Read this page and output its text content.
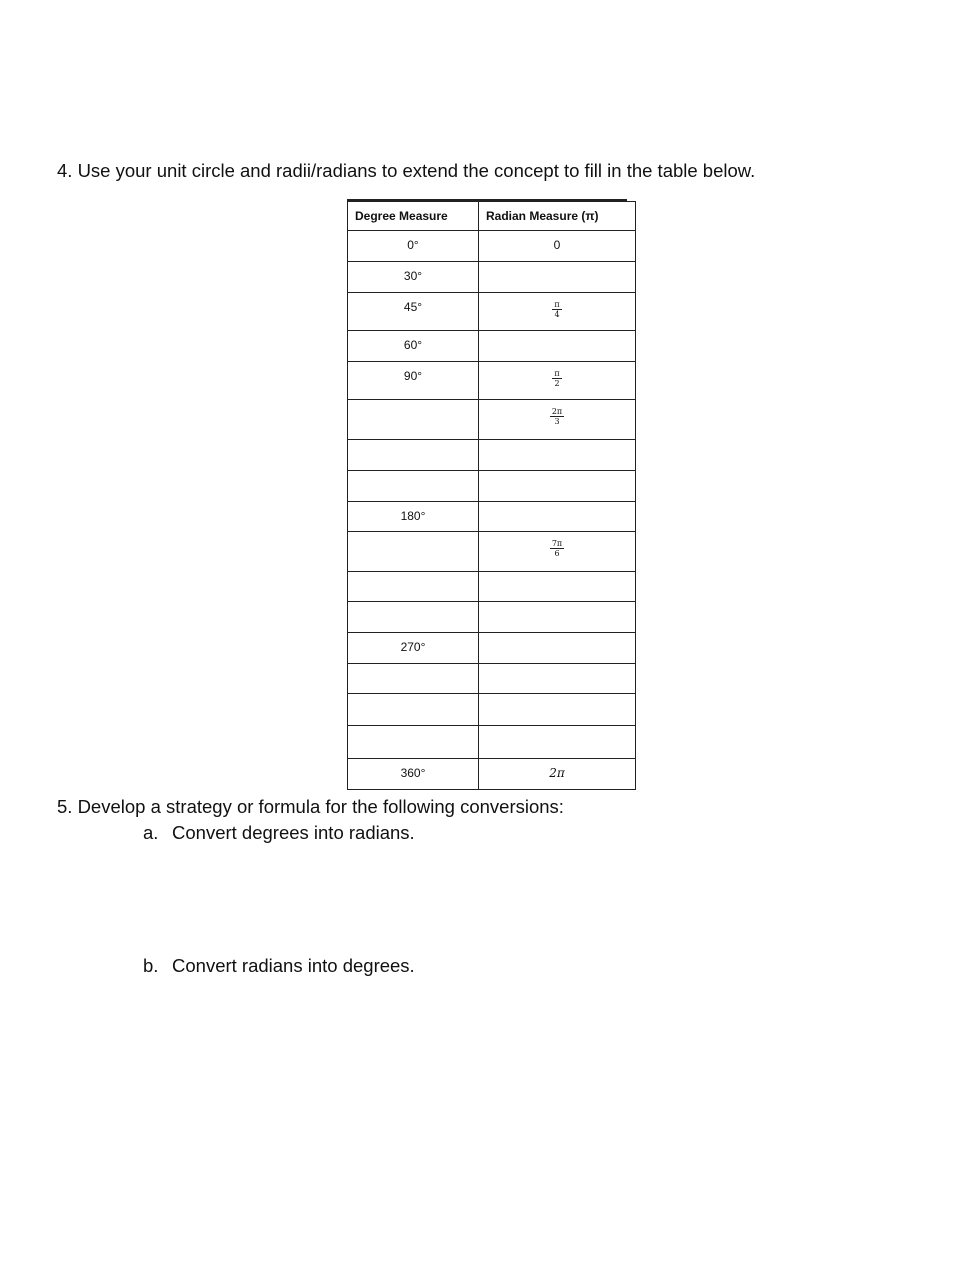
4. Use your unit circle and radii/radians to extend the concept to fill in the table below.
Degree Measure	Radian Measure (π)

0°	0

30°	

45°	$\frac{\pi}{4}$

60°	

90°	$\frac{\pi}{2}$

	$\frac{2\pi}{3}$

180°	

	$\frac{7\pi}{6}$

270°	

360°	2π
5. Develop a strategy or formula for the following conversions:
a. Convert degrees into radians.
b. Convert radians into degrees.
